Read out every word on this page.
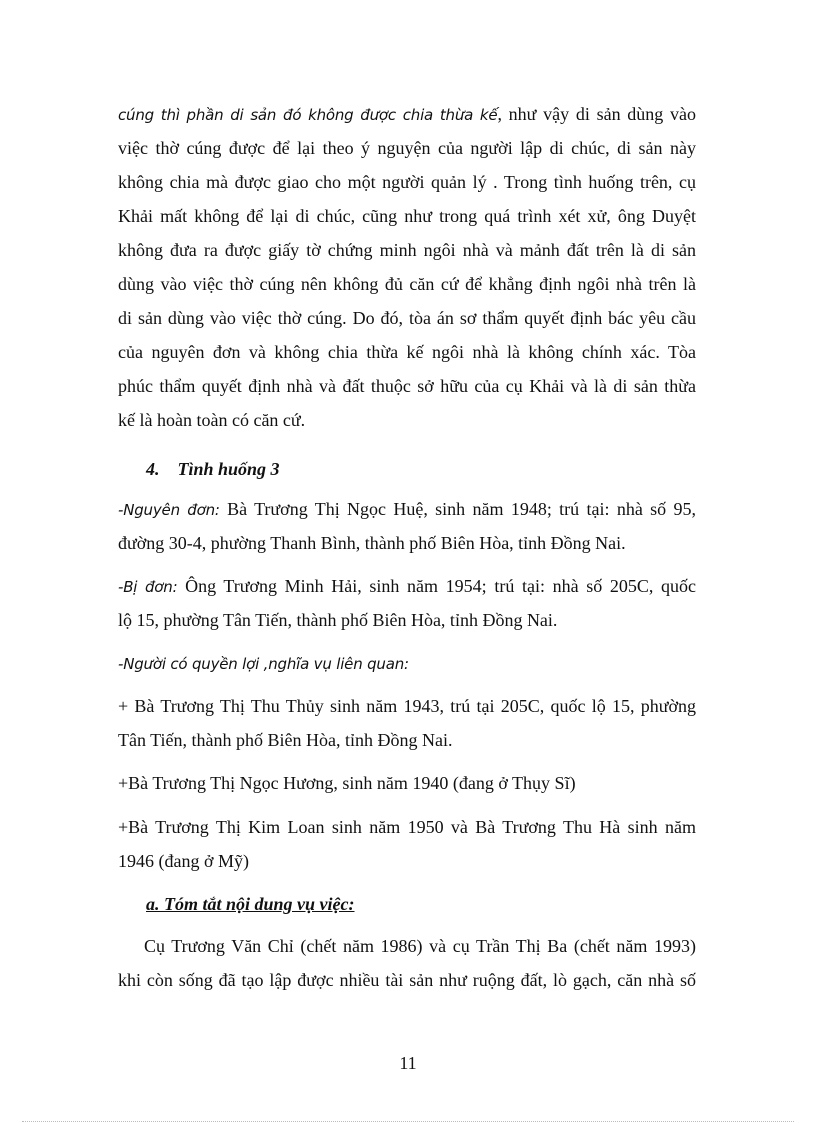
cúng thì phần di sản đó không được chia thừa kế, như vậy di sản dùng vào
việc thờ cúng được để lại theo ý nguyện của người lập di chúc, di sản này
không chia mà được giao cho một người quản lý . Trong tình huống trên, cụ
Khải mất không để lại di chúc, cũng như trong quá trình xét xử, ông Duyệt
không đưa ra được giấy tờ chứng minh ngôi nhà và mảnh đất trên là di sản
dùng vào việc thờ cúng nên không đủ căn cứ để khẳng định ngôi nhà trên là
di sản dùng vào việc thờ cúng. Do đó, tòa án sơ thẩm quyết định bác yêu cầu
của nguyên đơn và không chia thừa kế ngôi nhà là không chính xác. Tòa
phúc thẩm quyết định nhà và đất thuộc sở hữu của cụ Khải và là di sản thừa
kế là hoàn toàn có căn cứ.
4. Tình huống 3
-Nguyên đơn: Bà Trương Thị Ngọc Huệ, sinh năm 1948; trú tại: nhà số 95,
đường 30-4, phường Thanh Bình, thành phố Biên Hòa, tỉnh Đồng Nai.
-Bị đơn: Ông Trương Minh Hải, sinh năm 1954; trú tại: nhà số 205C, quốc
lộ 15, phường Tân Tiến, thành phố Biên Hòa, tỉnh Đồng Nai.
-Người có quyền lợi ,nghĩa vụ liên quan:
+ Bà Trương Thị Thu Thủy sinh năm 1943, trú tại 205C, quốc lộ 15, phường
Tân Tiến, thành phố Biên Hòa, tỉnh Đồng Nai.
+Bà Trương Thị Ngọc Hương, sinh năm 1940 (đang ở Thụy Sĩ)
+Bà Trương Thị Kim Loan sinh năm 1950 và Bà Trương Thu Hà sinh năm
1946 (đang ở Mỹ)
a. Tóm tắt nội dung vụ việc:
Cụ Trương Văn Chỉ (chết năm 1986) và cụ Trần Thị Ba (chết năm 1993)
khi còn sống đã tạo lập được nhiều tài sản như ruộng đất, lò gạch, căn nhà số
11
